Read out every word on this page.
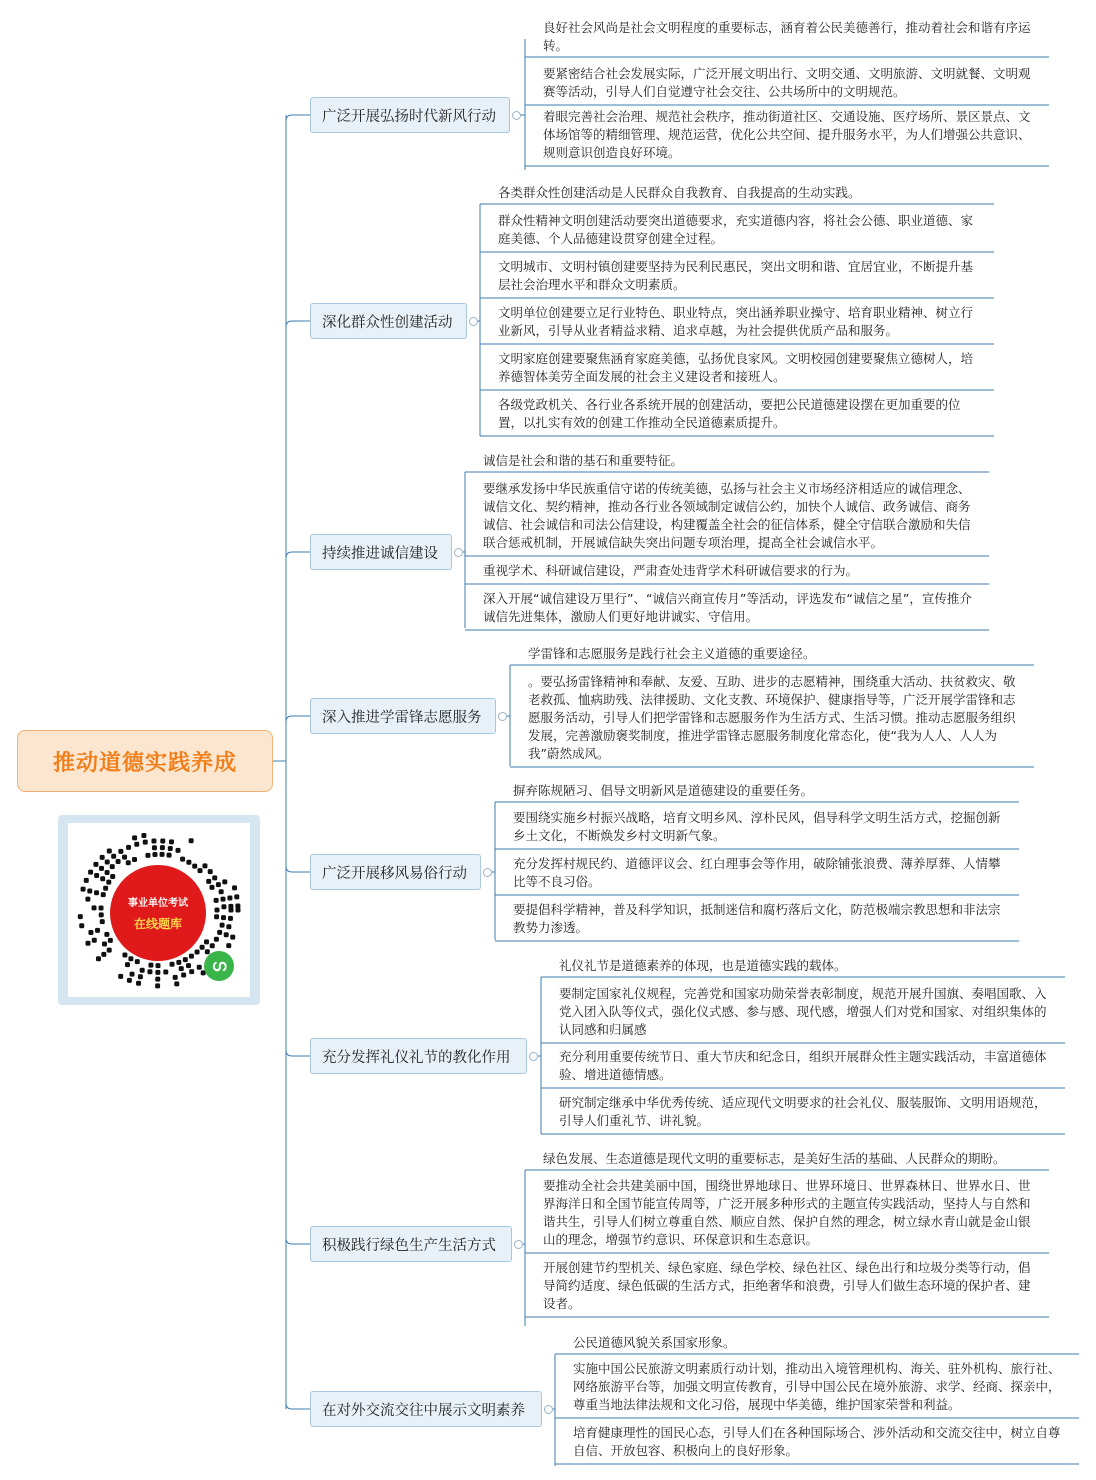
推动道德实践养成
事业单位考试
在线题库
ഗ
广泛开展弘扬时代新风行动
良好社会风尚是社会文明程度的重要标志，涵育着公民美德善行，推动着社会和谐有序运转。
要紧密结合社会发展实际，广泛开展文明出行、文明交通、文明旅游、文明就餐、文明观赛等活动，引导人们自觉遵守社会交往、公共场所中的文明规范。
着眼完善社会治理、规范社会秩序，推动街道社区、交通设施、医疗场所、景区景点、文体场馆等的精细管理、规范运营，优化公共空间、提升服务水平，为人们增强公共意识、规则意识创造良好环境。
深化群众性创建活动
各类群众性创建活动是人民群众自我教育、自我提高的生动实践。
群众性精神文明创建活动要突出道德要求，充实道德内容，将社会公德、职业道德、家庭美德、个人品德建设贯穿创建全过程。
文明城市、文明村镇创建要坚持为民利民惠民，突出文明和谐、宜居宜业，不断提升基层社会治理水平和群众文明素质。
文明单位创建要立足行业特色、职业特点，突出涵养职业操守、培育职业精神、树立行业新风，引导从业者精益求精、追求卓越，为社会提供优质产品和服务。
文明家庭创建要聚焦涵育家庭美德，弘扬优良家风。文明校园创建要聚焦立德树人，培养德智体美劳全面发展的社会主义建设者和接班人。
各级党政机关、各行业各系统开展的创建活动，要把公民道德建设摆在更加重要的位置，以扎实有效的创建工作推动全民道德素质提升。
持续推进诚信建设
诚信是社会和谐的基石和重要特征。
要继承发扬中华民族重信守诺的传统美德，弘扬与社会主义市场经济相适应的诚信理念、诚信文化、契约精神，推动各行业各领域制定诚信公约，加快个人诚信、政务诚信、商务诚信、社会诚信和司法公信建设，构建覆盖全社会的征信体系，健全守信联合激励和失信联合惩戒机制，开展诚信缺失突出问题专项治理，提高全社会诚信水平。
重视学术、科研诚信建设，严肃查处违背学术科研诚信要求的行为。
深入开展“诚信建设万里行”、“诚信兴商宣传月”等活动，评选发布“诚信之星”，宣传推介诚信先进集体，激励人们更好地讲诚实、守信用。
深入推进学雷锋志愿服务
学雷锋和志愿服务是践行社会主义道德的重要途径。
。要弘扬雷锋精神和奉献、友爱、互助、进步的志愿精神，围绕重大活动、扶贫救灾、敬老救孤、恤病助残、法律援助、文化支教、环境保护、健康指导等，广泛开展学雷锋和志愿服务活动，引导人们把学雷锋和志愿服务作为生活方式、生活习惯。推动志愿服务组织发展，完善激励褒奖制度，推进学雷锋志愿服务制度化常态化，使“我为人人、人人为我”蔚然成风。
广泛开展移风易俗行动
摒弃陈规陋习、倡导文明新风是道德建设的重要任务。
要围绕实施乡村振兴战略，培育文明乡风、淳朴民风，倡导科学文明生活方式，挖掘创新乡土文化，不断焕发乡村文明新气象。
充分发挥村规民约、道德评议会、红白理事会等作用，破除铺张浪费、薄养厚葬、人情攀比等不良习俗。
要提倡科学精神，普及科学知识，抵制迷信和腐朽落后文化，防范极端宗教思想和非法宗教势力渗透。
充分发挥礼仪礼节的教化作用
礼仪礼节是道德素养的体现，也是道德实践的载体。
要制定国家礼仪规程，完善党和国家功勋荣誉表彰制度，规范开展升国旗、奏唱国歌、入党入团入队等仪式，强化仪式感、参与感、现代感，增强人们对党和国家、对组织集体的认同感和归属感
充分利用重要传统节日、重大节庆和纪念日，组织开展群众性主题实践活动，丰富道德体验、增进道德情感。
研究制定继承中华优秀传统、适应现代文明要求的社会礼仪、服装服饰、文明用语规范，引导人们重礼节、讲礼貌。
积极践行绿色生产生活方式
绿色发展、生态道德是现代文明的重要标志，是美好生活的基础、人民群众的期盼。
要推动全社会共建美丽中国，围绕世界地球日、世界环境日、世界森林日、世界水日、世界海洋日和全国节能宣传周等，广泛开展多种形式的主题宣传实践活动，坚持人与自然和谐共生，引导人们树立尊重自然、顺应自然、保护自然的理念，树立绿水青山就是金山银山的理念，增强节约意识、环保意识和生态意识。
开展创建节约型机关、绿色家庭、绿色学校、绿色社区、绿色出行和垃圾分类等行动，倡导简约适度、绿色低碳的生活方式，拒绝奢华和浪费，引导人们做生态环境的保护者、建设者。
在对外交流交往中展示文明素养
公民道德风貌关系国家形象。
实施中国公民旅游文明素质行动计划，推动出入境管理机构、海关、驻外机构、旅行社、网络旅游平台等，加强文明宣传教育，引导中国公民在境外旅游、求学、经商、探亲中，尊重当地法律法规和文化习俗，展现中华美德，维护国家荣誉和利益。
培育健康理性的国民心态，引导人们在各种国际场合、涉外活动和交流交往中，树立自尊自信、开放包容、积极向上的良好形象。
